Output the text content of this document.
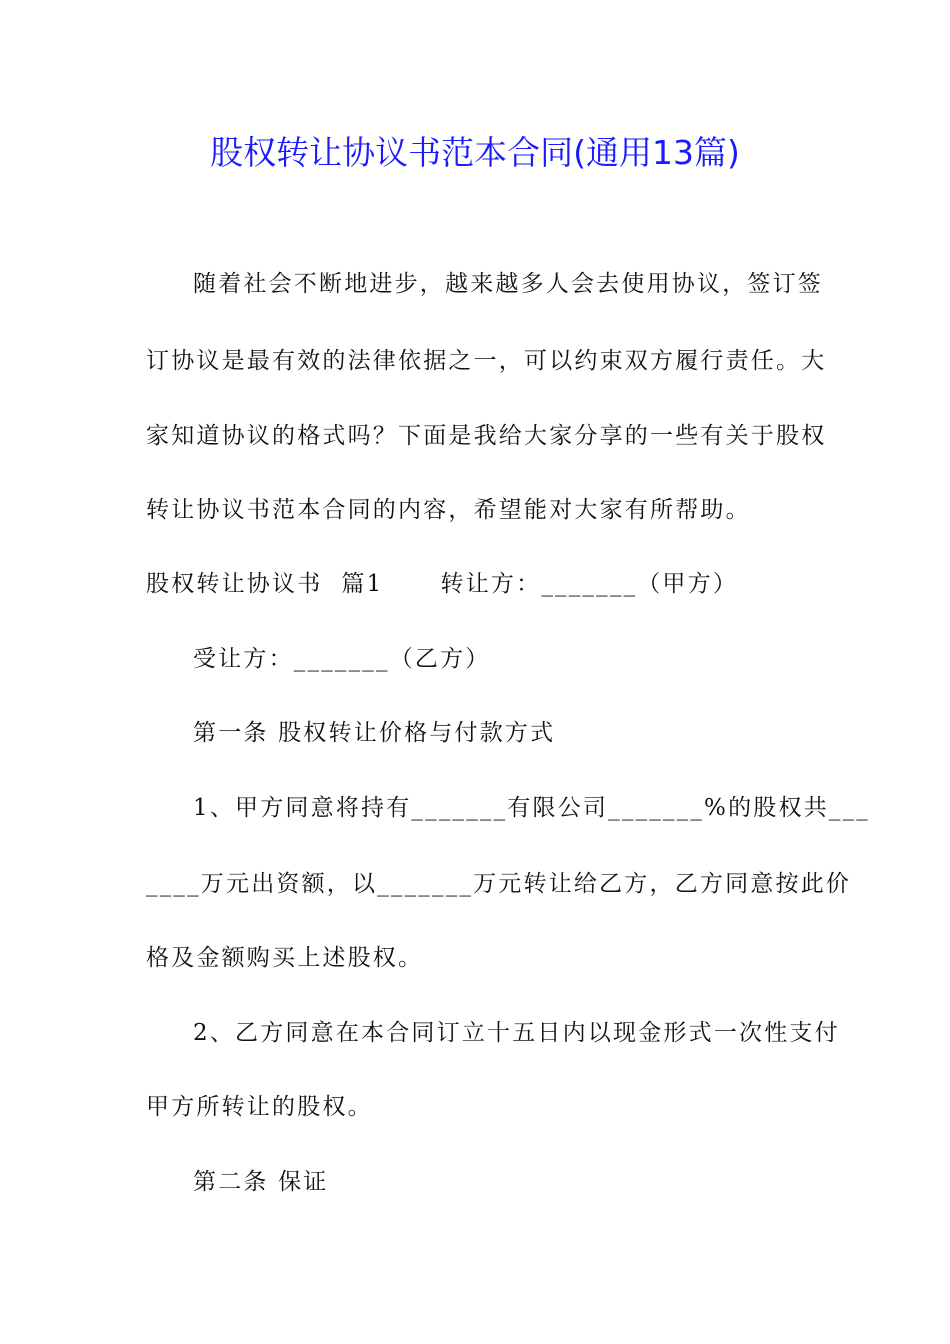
股权转让协议书范本合同(通用13篇)
随着社会不断地进步，越来越多人会去使用协议，签订签
订协议是最有效的法律依据之一，可以约束双方履行责任。大
家知道协议的格式吗？下面是我给大家分享的一些有关于股权
转让协议书范本合同的内容，希望能对大家有所帮助。
股权转让协议书  篇1      转让方：_______（甲方）
受让方：_______（乙方）
第一条 股权转让价格与付款方式
1、甲方同意将持有_______有限公司_______%的股权共___
____万元出资额，以_______万元转让给乙方，乙方同意按此价
格及金额购买上述股权。
2、乙方同意在本合同订立十五日内以现金形式一次性支付
甲方所转让的股权。
第二条 保证
